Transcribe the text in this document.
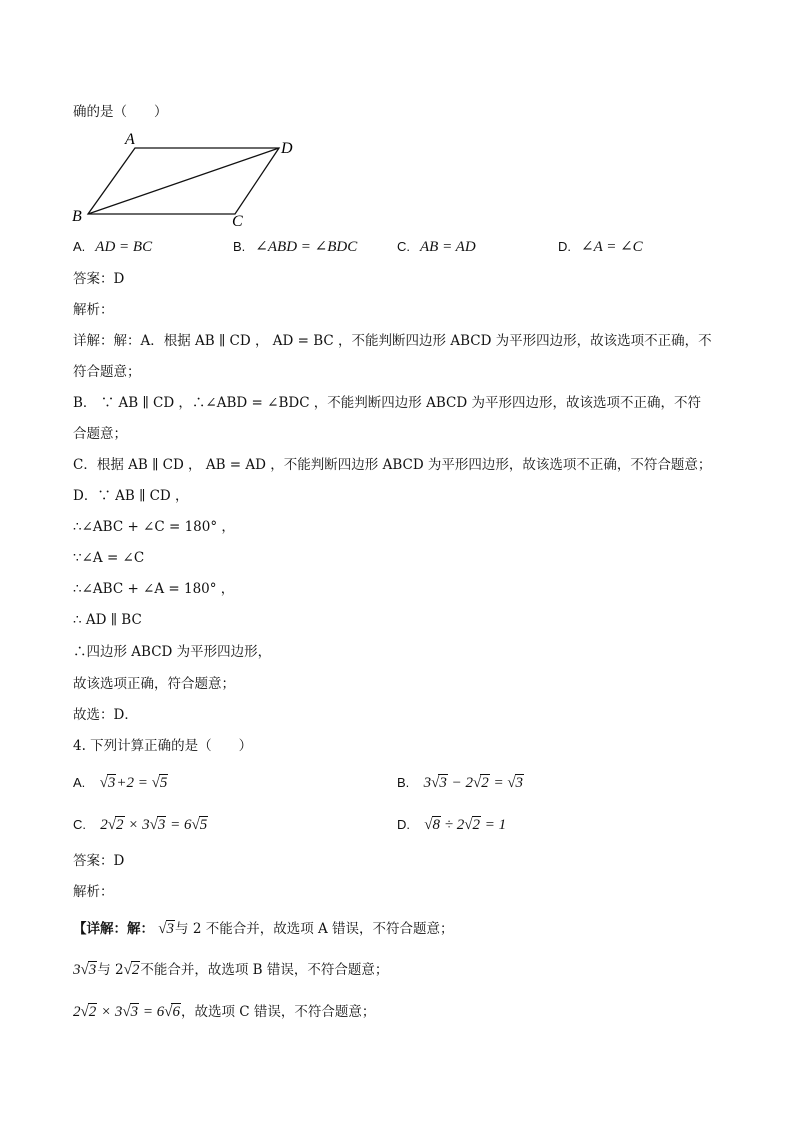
确的是（　　）
A
D
B	C
A. AD = BC	B. ∠ABD = ∠BDC	C. AB = AD	D. ∠A = ∠C
答案：D
解析：
详解：解：A．根据 AB ∥ CD ， AD = BC ，不能判断四边形 ABCD 为平形四边形，故该选项不正确，不
符合题意；
B． ∵ AB ∥ CD ，∴∠ABD = ∠BDC ，不能判断四边形 ABCD 为平形四边形，故该选项不正确，不符
合题意；
C．根据 AB ∥ CD ， AB = AD ，不能判断四边形 ABCD 为平形四边形，故该选项不正确，不符合题意；
D．∵ AB ∥ CD ，
∴∠ABC + ∠C = 180° ，
∵∠A = ∠C
∴∠ABC + ∠A = 180° ，
∴ AD ∥ BC
∴四边形 ABCD 为平形四边形，
故该选项正确，符合题意；
故选：D．
4. 下列计算正确的是（　　）
A. √3+2 = √5	B. 3√3 − 2√2 = √3
C. 2√2 × 3√3 = 6√5	D. √8 ÷ 2√2 = 1
答案：D
解析：
【详解：解： √3与 2 不能合并，故选项 A 错误，不符合题意；
3√3与 2√2不能合并，故选项 B 错误，不符合题意；
2√2 × 3√3 = 6√6，故选项 C 错误，不符合题意；
